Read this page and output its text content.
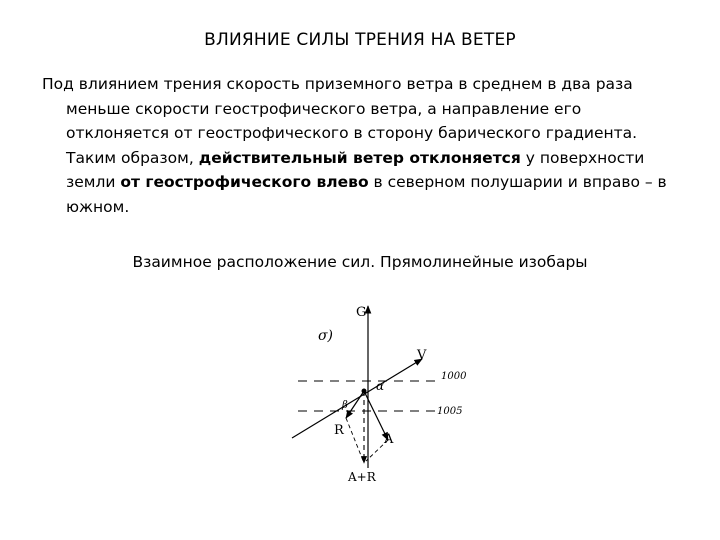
ВЛИЯНИЕ СИЛЫ ТРЕНИЯ НА ВЕТЕР
Под влиянием трения скорость приземного ветра в среднем в два раза
меньше скорости геострофического ветра, а направление его
отклоняется от геострофического в сторону барического градиента.
Таким образом, действительный ветер отклоняется у поверхности
земли от геострофического влево в северном полушарии и вправо – в
южном.
Взаимное расположение сил. Прямолинейные изобары
G
σ)
V
1000
1005
α
β
R
A
A+R
